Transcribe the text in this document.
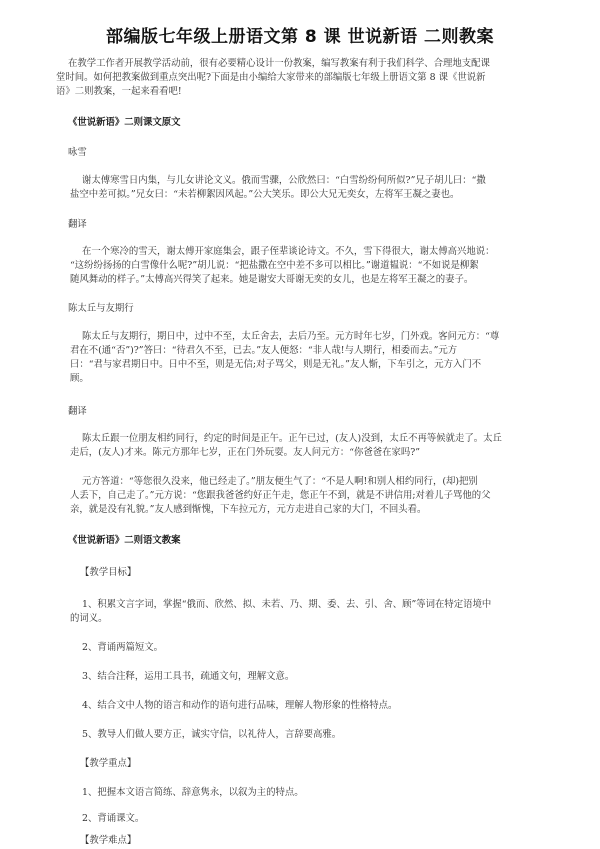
部编版七年级上册语文第 8 课 世说新语 二则教案
在教学工作者开展教学活动前，很有必要精心设计一份教案，编写教案有利于我们科学、合理地支配课
堂时间。如何把教案做到重点突出呢?下面是由小编给大家带来的部编版七年级上册语文第 8 课《世说新
语》二则教案，一起来看看吧!
《世说新语》二则课文原文
咏雪
谢太傅寒雪日内集，与儿女讲论文义。俄而雪骤，公欣然曰：“白雪纷纷何所似?”兄子胡儿曰：“撒
盐空中差可拟。”兄女曰：“未若柳絮因风起。”公大笑乐。即公大兄无奕女，左将军王凝之妻也。
翻译
在一个寒冷的雪天，谢太傅开家庭集会，跟子侄辈谈论诗文。不久，雪下得很大，谢太傅高兴地说：
“这纷纷扬扬的白雪像什么呢?”胡儿说：“把盐撒在空中差不多可以相比。”谢道韫说：“不如说是柳絮
随风舞动的样子。”太傅高兴得笑了起来。她是谢安大哥谢无奕的女儿，也是左将军王凝之的妻子。
陈太丘与友期行
陈太丘与友期行，期日中，过中不至，太丘舍去，去后乃至。元方时年七岁，门外戏。客问元方：“尊
君在不(通“否”)?”答曰：“待君久不至，已去。”友人便怒：“非人哉!与人期行，相委而去。”元方
曰：“君与家君期日中。日中不至，则是无信;对子骂父，则是无礼。”友人惭，下车引之，元方入门不
顾。
翻译
陈太丘跟一位朋友相约同行，约定的时间是正午。正午已过，(友人)没到，太丘不再等候就走了。太丘
走后，(友人)才来。陈元方那年七岁，正在门外玩耍。友人问元方：“你爸爸在家吗?”
元方答道：“等您很久没来，他已经走了。”朋友便生气了：“不是人啊!和别人相约同行，(却)把别
人丢下，自己走了。”元方说：“您跟我爸爸约好正午走，您正午不到，就是不讲信用;对着儿子骂他的父
亲，就是没有礼貌。”友人感到惭愧，下车拉元方，元方走进自己家的大门，不回头看。
《世说新语》二则语文教案
【教学目标】
1、积累文言字词，掌握“俄而、欣然、拟、未若、乃、期、委、去、引、舍、顾”等词在特定语境中
的词义。
2、背诵两篇短文。
3、结合注释，运用工具书，疏通文句，理解文意。
4、结合文中人物的语言和动作的语句进行品味，理解人物形象的性格特点。
5、教导人们做人要方正，诚实守信，以礼待人，言辞要高雅。
【教学重点】
1、把握本文语言简练、辞意隽永，以叙为主的特点。
2、背诵课文。
【教学难点】
